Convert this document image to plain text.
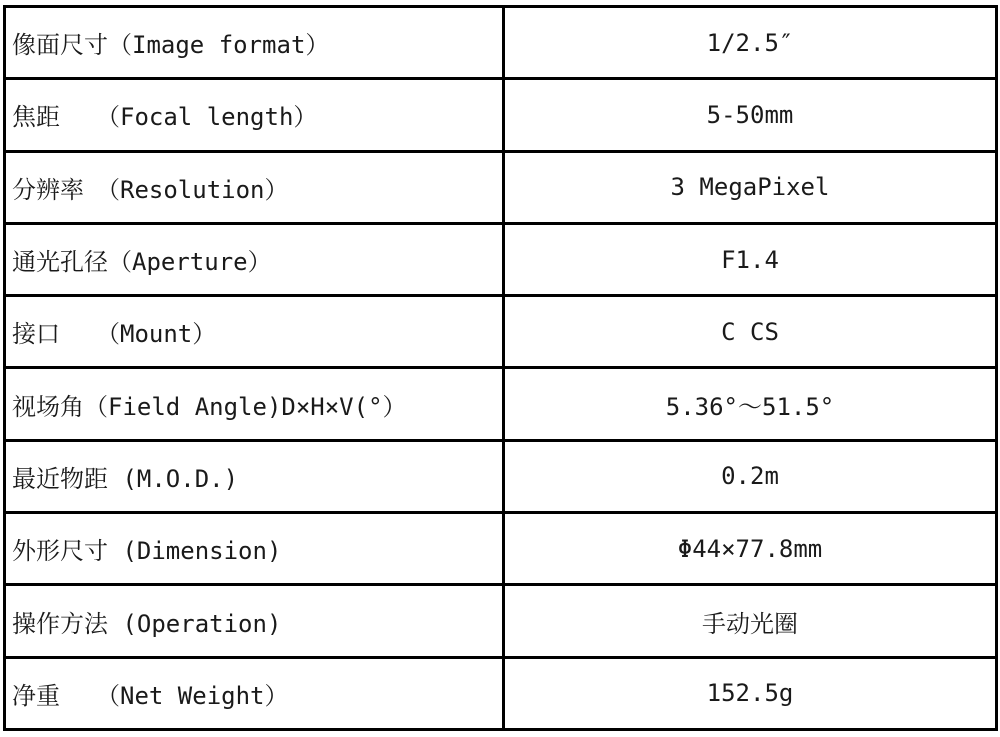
像面尺寸（Image format）	1/2.5″
焦距　　（Focal length）	5-50mm
分辨率　（Resolution）	3 MegaPixel
通光孔径（Aperture）	F1.4
接口　　（Mount）	C CS
视场角（Field Angle)D×H×V(°）	5.36°～51.5°
最近物距 (M.O.D.)	0.2m
外形尺寸 (Dimension)	Φ44×77.8mm
操作方法 (Operation)	手动光圈
净重　　（Net Weight）	152.5g
